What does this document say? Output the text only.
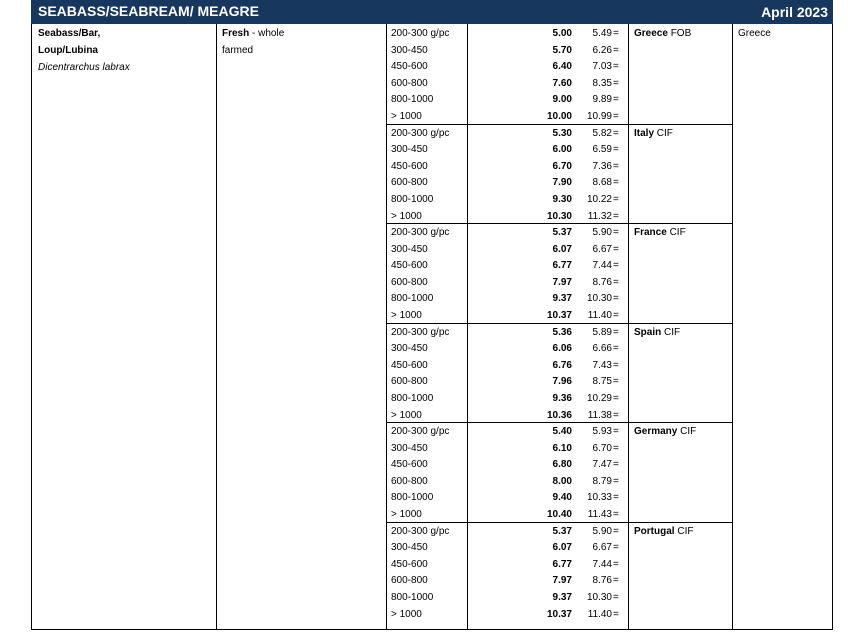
SEABASS/SEABREAM/ MEAGRE	April 2023
Seabass/Bar,
Loup/Lubina
Dicentrarchus labrax
Fresh - whole
farmed
Greece
Greece FOB
200-300 g/pc	5.00	5.49 =
300-450	5.70	6.26 =
450-600	6.40	7.03 =
600-800	7.60	8.35 =
800-1000	9.00	9.89 =
> 1000	10.00	10.99 =
Italy CIF
200-300 g/pc	5.30	5.82 =
300-450	6.00	6.59 =
450-600	6.70	7.36 =
600-800	7.90	8.68 =
800-1000	9.30	10.22 =
> 1000	10.30	11.32 =
France CIF
200-300 g/pc	5.37	5.90 =
300-450	6.07	6.67 =
450-600	6.77	7.44 =
600-800	7.97	8.76 =
800-1000	9.37	10.30 =
> 1000	10.37	11.40 =
Spain CIF
200-300 g/pc	5.36	5.89 =
300-450	6.06	6.66 =
450-600	6.76	7.43 =
600-800	7.96	8.75 =
800-1000	9.36	10.29 =
> 1000	10.36	11.38 =
Germany CIF
200-300 g/pc	5.40	5.93 =
300-450	6.10	6.70 =
450-600	6.80	7.47 =
600-800	8.00	8.79 =
800-1000	9.40	10.33 =
> 1000	10.40	11.43 =
Portugal CIF
200-300 g/pc	5.37	5.90 =
300-450	6.07	6.67 =
450-600	6.77	7.44 =
600-800	7.97	8.76 =
800-1000	9.37	10.30 =
> 1000	10.37	11.40 =
